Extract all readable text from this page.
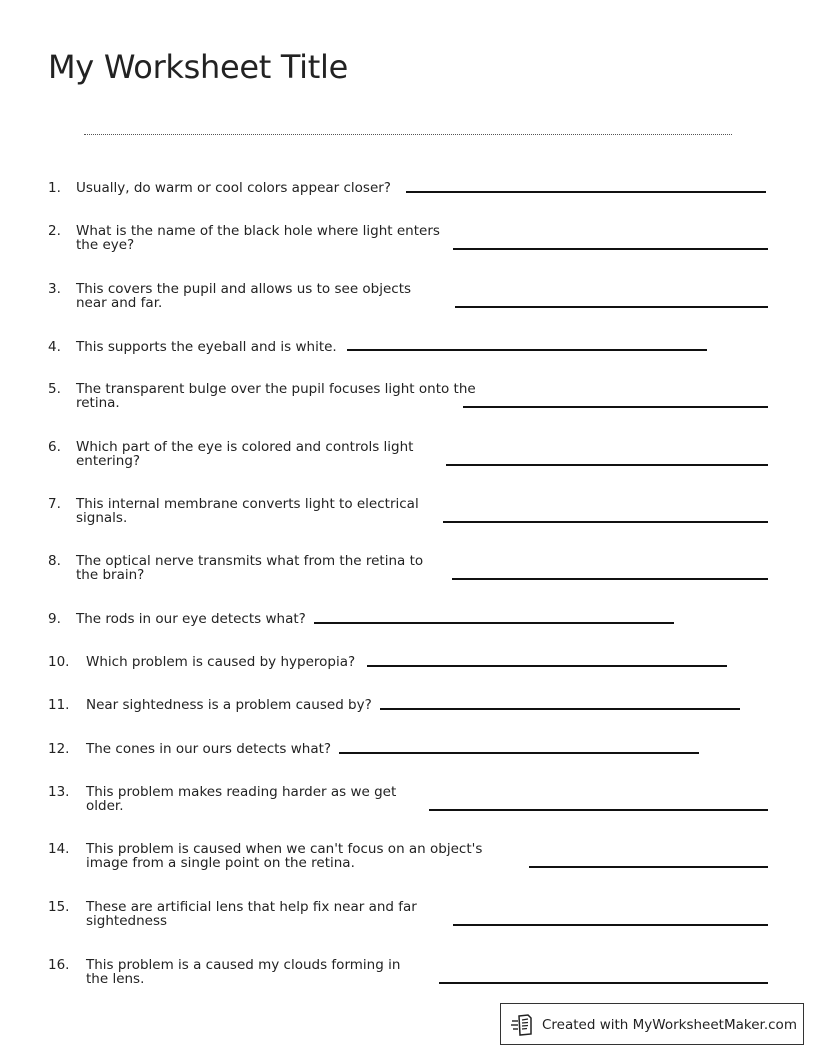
My Worksheet Title
1. Usually, do warm or cool colors appear closer?
2. What is the name of the black hole where light enters the eye?
3. This covers the pupil and allows us to see objects near and far.
4. This supports the eyeball and is white.
5. The transparent bulge over the pupil focuses light onto the retina.
6. Which part of the eye is colored and controls light entering?
7. This internal membrane converts light to electrical signals.
8. The optical nerve transmits what from the retina to the brain?
9. The rods in our eye detects what?
10. Which problem is caused by hyperopia?
11. Near sightedness is a problem caused by?
12. The cones in our ours detects what?
13. This problem makes reading harder as we get older.
14. This problem is caused when we can't focus on an object's image from a single point on the retina.
15. These are artificial lens that help fix near and far sightedness
16. This problem is a caused my clouds forming in the lens.
Created with MyWorksheetMaker.com
